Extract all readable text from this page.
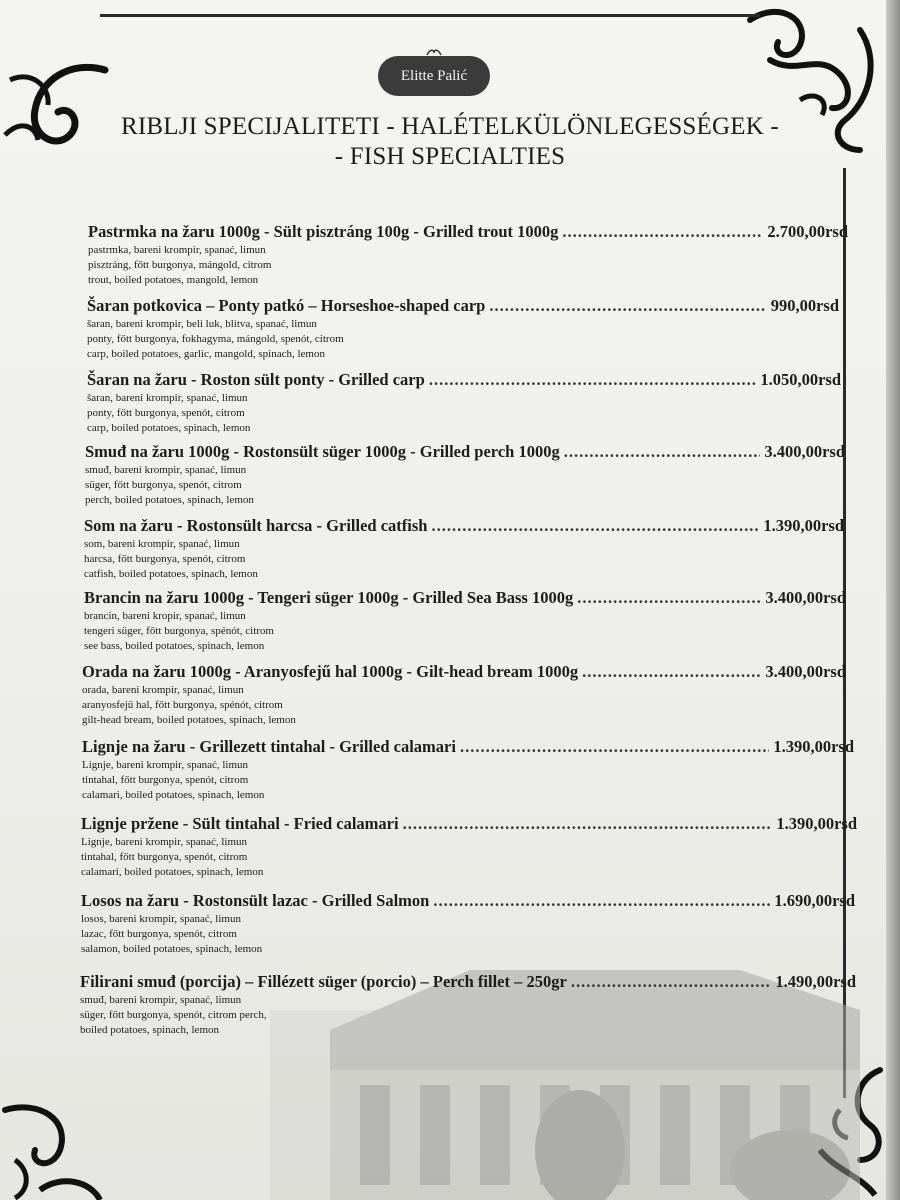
Elitte Palić
RIBLJI SPECIJALITETI - HALÉTELKÜLÖNLEGESSÉGEK -
- FISH SPECIALTIES
Pastrmka na žaru 1000g - Sült pisztráng 100g - Grilled trout 1000g .....	2.700,00rsd
pastrmka, bareni krompir, spanać, limun
pisztráng, főtt burgonya, mángold, citrom
trout, boiled potatoes, mangold, lemon
Šaran potkovica – Ponty patkó – Horseshoe-shaped carp .....	990,00rsd
šaran, bareni krompir, beli luk, blitva, spanać, limun
ponty, főtt burgonya, fokhagyma, mángold, spenót, citrom
carp, boiled potatoes, garlic, mangold, spinach, lemon
Šaran na žaru - Roston sült ponty - Grilled carp .....	1.050,00rsd
šaran, bareni krompir, spanać, limun
ponty, főtt burgonya, spenót, citrom
carp, boiled potatoes, spinach, lemon
Smuđ na žaru 1000g - Rostonsült süger 1000g - Grilled perch 1000g .....	3.400,00rsd
smuđ, bareni krompir, spanać, limun
süger, főtt burgonya, spenót, citrom
perch, boiled potatoes, spinach, lemon
Som na žaru - Rostonsült harcsa - Grilled catfish .....	1.390,00rsd
som, bareni krompir, spanać, limun
harcsa, főtt burgonya, spenót, citrom
catfish, boiled potatoes, spinach, lemon
Brancin na žaru 1000g - Tengeri süger 1000g - Grilled Sea Bass 1000g .....	3.400,00rsd
brancin, bareni kropir, spanać, limun
tengeri süger, főtt burgonya, spénót, citrom
see bass, boiled potatoes, spinach, lemon
Orada na žaru 1000g - Aranyosfejű hal 1000g - Gilt-head bream 1000g .....	3.400,00rsd
orada, bareni krompir, spanać, limun
aranyosfejű hal, főtt burgonya, spénót, citrom
gilt-head bream, boiled potatoes, spinach, lemon
Lignje na žaru - Grillezett tintahal - Grilled calamari .....	1.390,00rsd
Lignje, bareni krompir, spanać, limun
tintahal, főtt burgonya, spenót, citrom
calamari, boiled potatoes, spinach, lemon
Lignje pržene - Sült tintahal - Fried calamari .....	1.390,00rsd
Lignje, bareni krompir, spanać, limun
tintahal, főtt burgonya, spenót, citrom
calamari, boiled potatoes, spinach, lemon
Losos na žaru - Rostonsült lazac - Grilled Salmon .....	1.690,00rsd
losos, bareni krompir, spanać, limun
lazac, főtt burgonya, spenót, citrom
salamon, boiled potatoes, spinach, lemon
Filirani smuđ (porcija) – Fillézett süger (porcio) – Perch fillet – 250gr .....	1.490,00rsd
smuđ, bareni krompir, spanać, limun
süger, főtt burgonya, spenót, citrom perch,
boiled potatoes, spinach, lemon
